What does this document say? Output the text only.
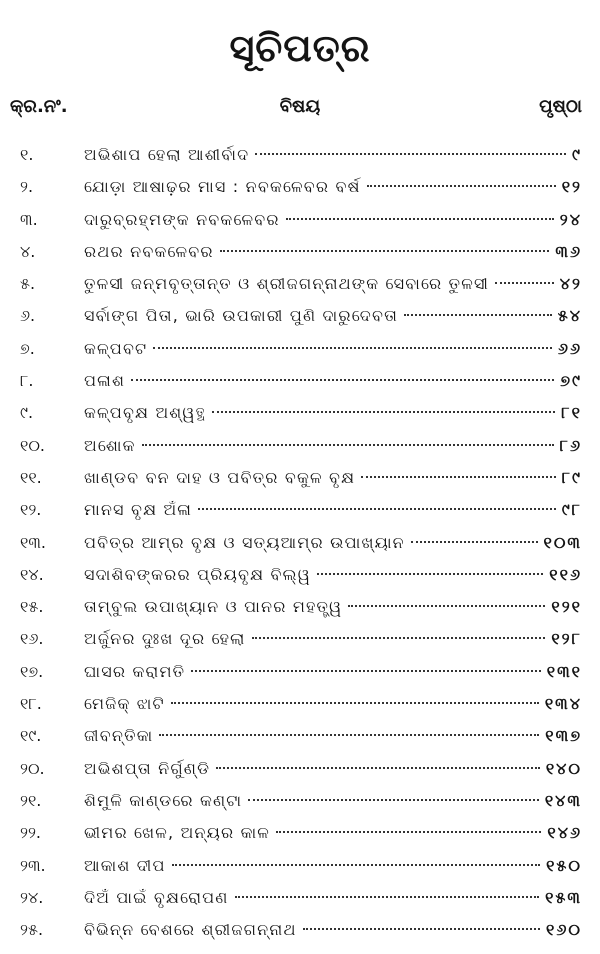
ସୂଚିପତ୍ର
କ୍ର.ନଂ.	ବିଷୟ	ପୃଷ୍ଠା
୧.	ଅଭିଶାପ ହେଲା ଆଶୀର୍ବାଦ	୯
୨.	ଯୋଡ଼ା ଆଷାଢ଼ର ମାସ : ନବକଳେବର ବର୍ଷ	୧୨
୩.	ଦାରୁବ୍ରହ୍ମଙ୍କ ନବକଳେବର	୨୪
୪.	ରଥର ନବକଳେବର	୩୬
୫.	ତୁଳସୀ ଜନ୍ମବୃତ୍ତାନ୍ତ ଓ ଶ୍ରୀଜଗନ୍ନାଥଙ୍କ ସେବାରେ ତୁଳସୀ	୪୨
୬.	ସର୍ବାଙ୍ଗ ପିତା, ଭାରି ଉପକାରୀ ପୁଣି ଦାରୁଦେବତା	୫୪
୭.	କଳ୍ପବଟ	୬୬
୮.	ପଳାଶ	୭୯
୯.	କଳ୍ପବୃକ୍ଷ ଅଶ୍ୱତ୍ଥ	୮୧
୧୦.	ଅଶୋକ	୮୬
୧୧.	ଖାଣ୍ଡବ ବନ ଦାହ ଓ ପବିତ୍ର ବକୁଳ ବୃକ୍ଷ	୮୯
୧୨.	ମାନସ ବୃକ୍ଷ ଅଁଳା	୯୮
୧୩.	ପବିତ୍ର ଆମ୍ର ବୃକ୍ଷ ଓ ସତ୍ୟଆମ୍ର ଉପାଖ୍ୟାନ	୧୦୩
୧୪.	ସଦାଶିବଙ୍କରର ପ୍ରିୟବୃକ୍ଷ ବିଲ୍ୱ	୧୧୬
୧୫.	ତାମ୍ବୁଲ ଉପାଖ୍ୟାନ ଓ ପାନର ମହତ୍ତ୍ୱ	୧୨୧
୧୬.	ଅର୍ଜୁନର ଦୁଃଖ ଦୂର ହେଲା	୧୨୮
୧୭.	ଘାସର କରାମତି	୧୩୧
୧୮.	ମେଜିକ୍ ଝାଟି	୧୩୪
୧୯.	ଜୀବନ୍ତିକା	୧୩୭
୨୦.	ଅଭିଶପ୍ତା ନିର୍ଗୁଣ୍ଡି	୧୪୦
୨୧.	ଶିମୁଳି କାଣ୍ଡରେ କଣ୍ଟା	୧୪୩
୨୨.	ଭୀମର ଖେଳ, ଅନ୍ୟର କାଳ	୧୪୬
୨୩.	ଆକାଶ ଦୀପ	୧୫୦
୨୪.	ଦିଅଁ ପାଇଁ ବୃକ୍ଷରୋପଣ	୧୫୩
୨୫.	ବିଭିନ୍ନ ବେଶରେ ଶ୍ରୀଜଗନ୍ନାଥ	୧୬୦
